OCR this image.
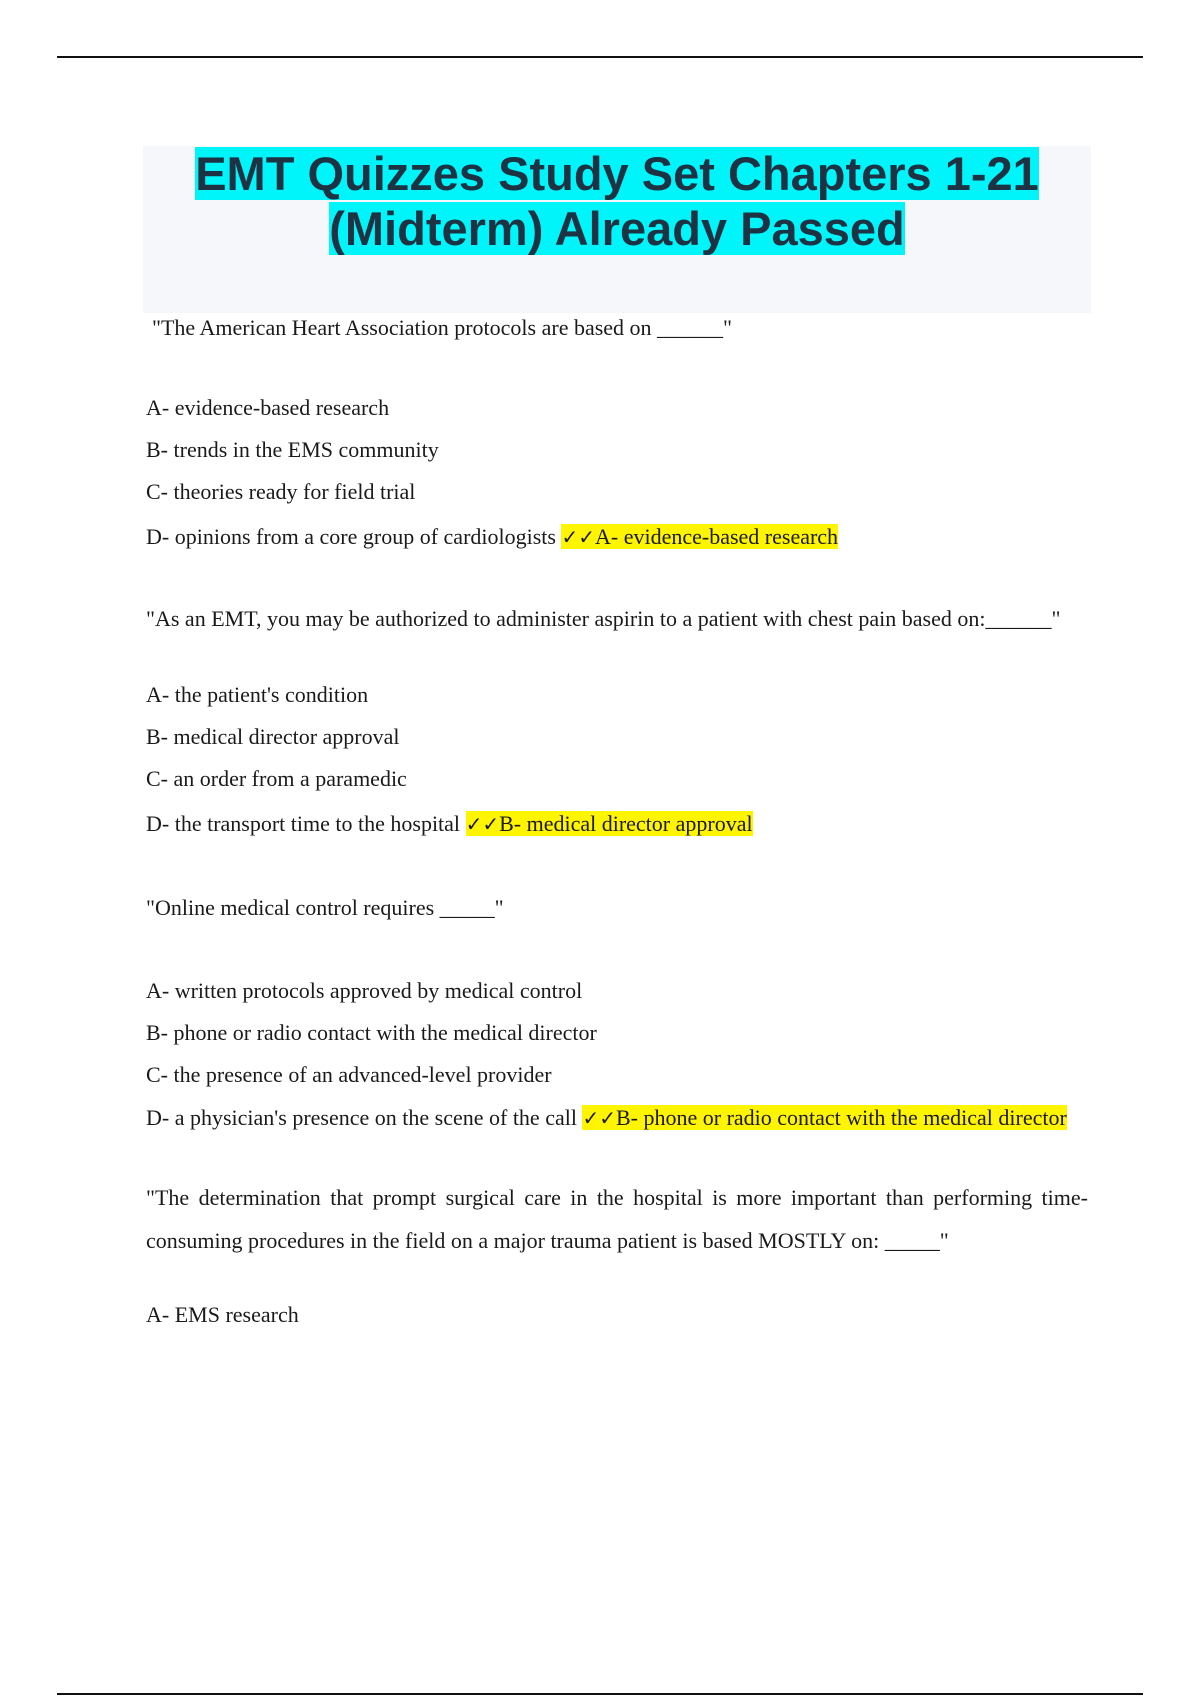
EMT Quizzes Study Set Chapters 1-21
(Midterm) Already Passed

"The American Heart Association protocols are based on ______"

A- evidence-based research
B- trends in the EMS community
C- theories ready for field trial
D- opinions from a core group of cardiologists ✓✓A- evidence-based research

"As an EMT, you may be authorized to administer aspirin to a patient with chest pain based on:______"

A- the patient's condition
B- medical director approval
C- an order from a paramedic
D- the transport time to the hospital ✓✓B- medical director approval

"Online medical control requires _____"

A- written protocols approved by medical control
B- phone or radio contact with the medical director
C- the presence of an advanced-level provider
D- a physician's presence on the scene of the call ✓✓B- phone or radio contact with the medical director

"The determination that prompt surgical care in the hospital is more important than performing time-consuming procedures in the field on a major trauma patient is based MOSTLY on: _____"

A- EMS research
